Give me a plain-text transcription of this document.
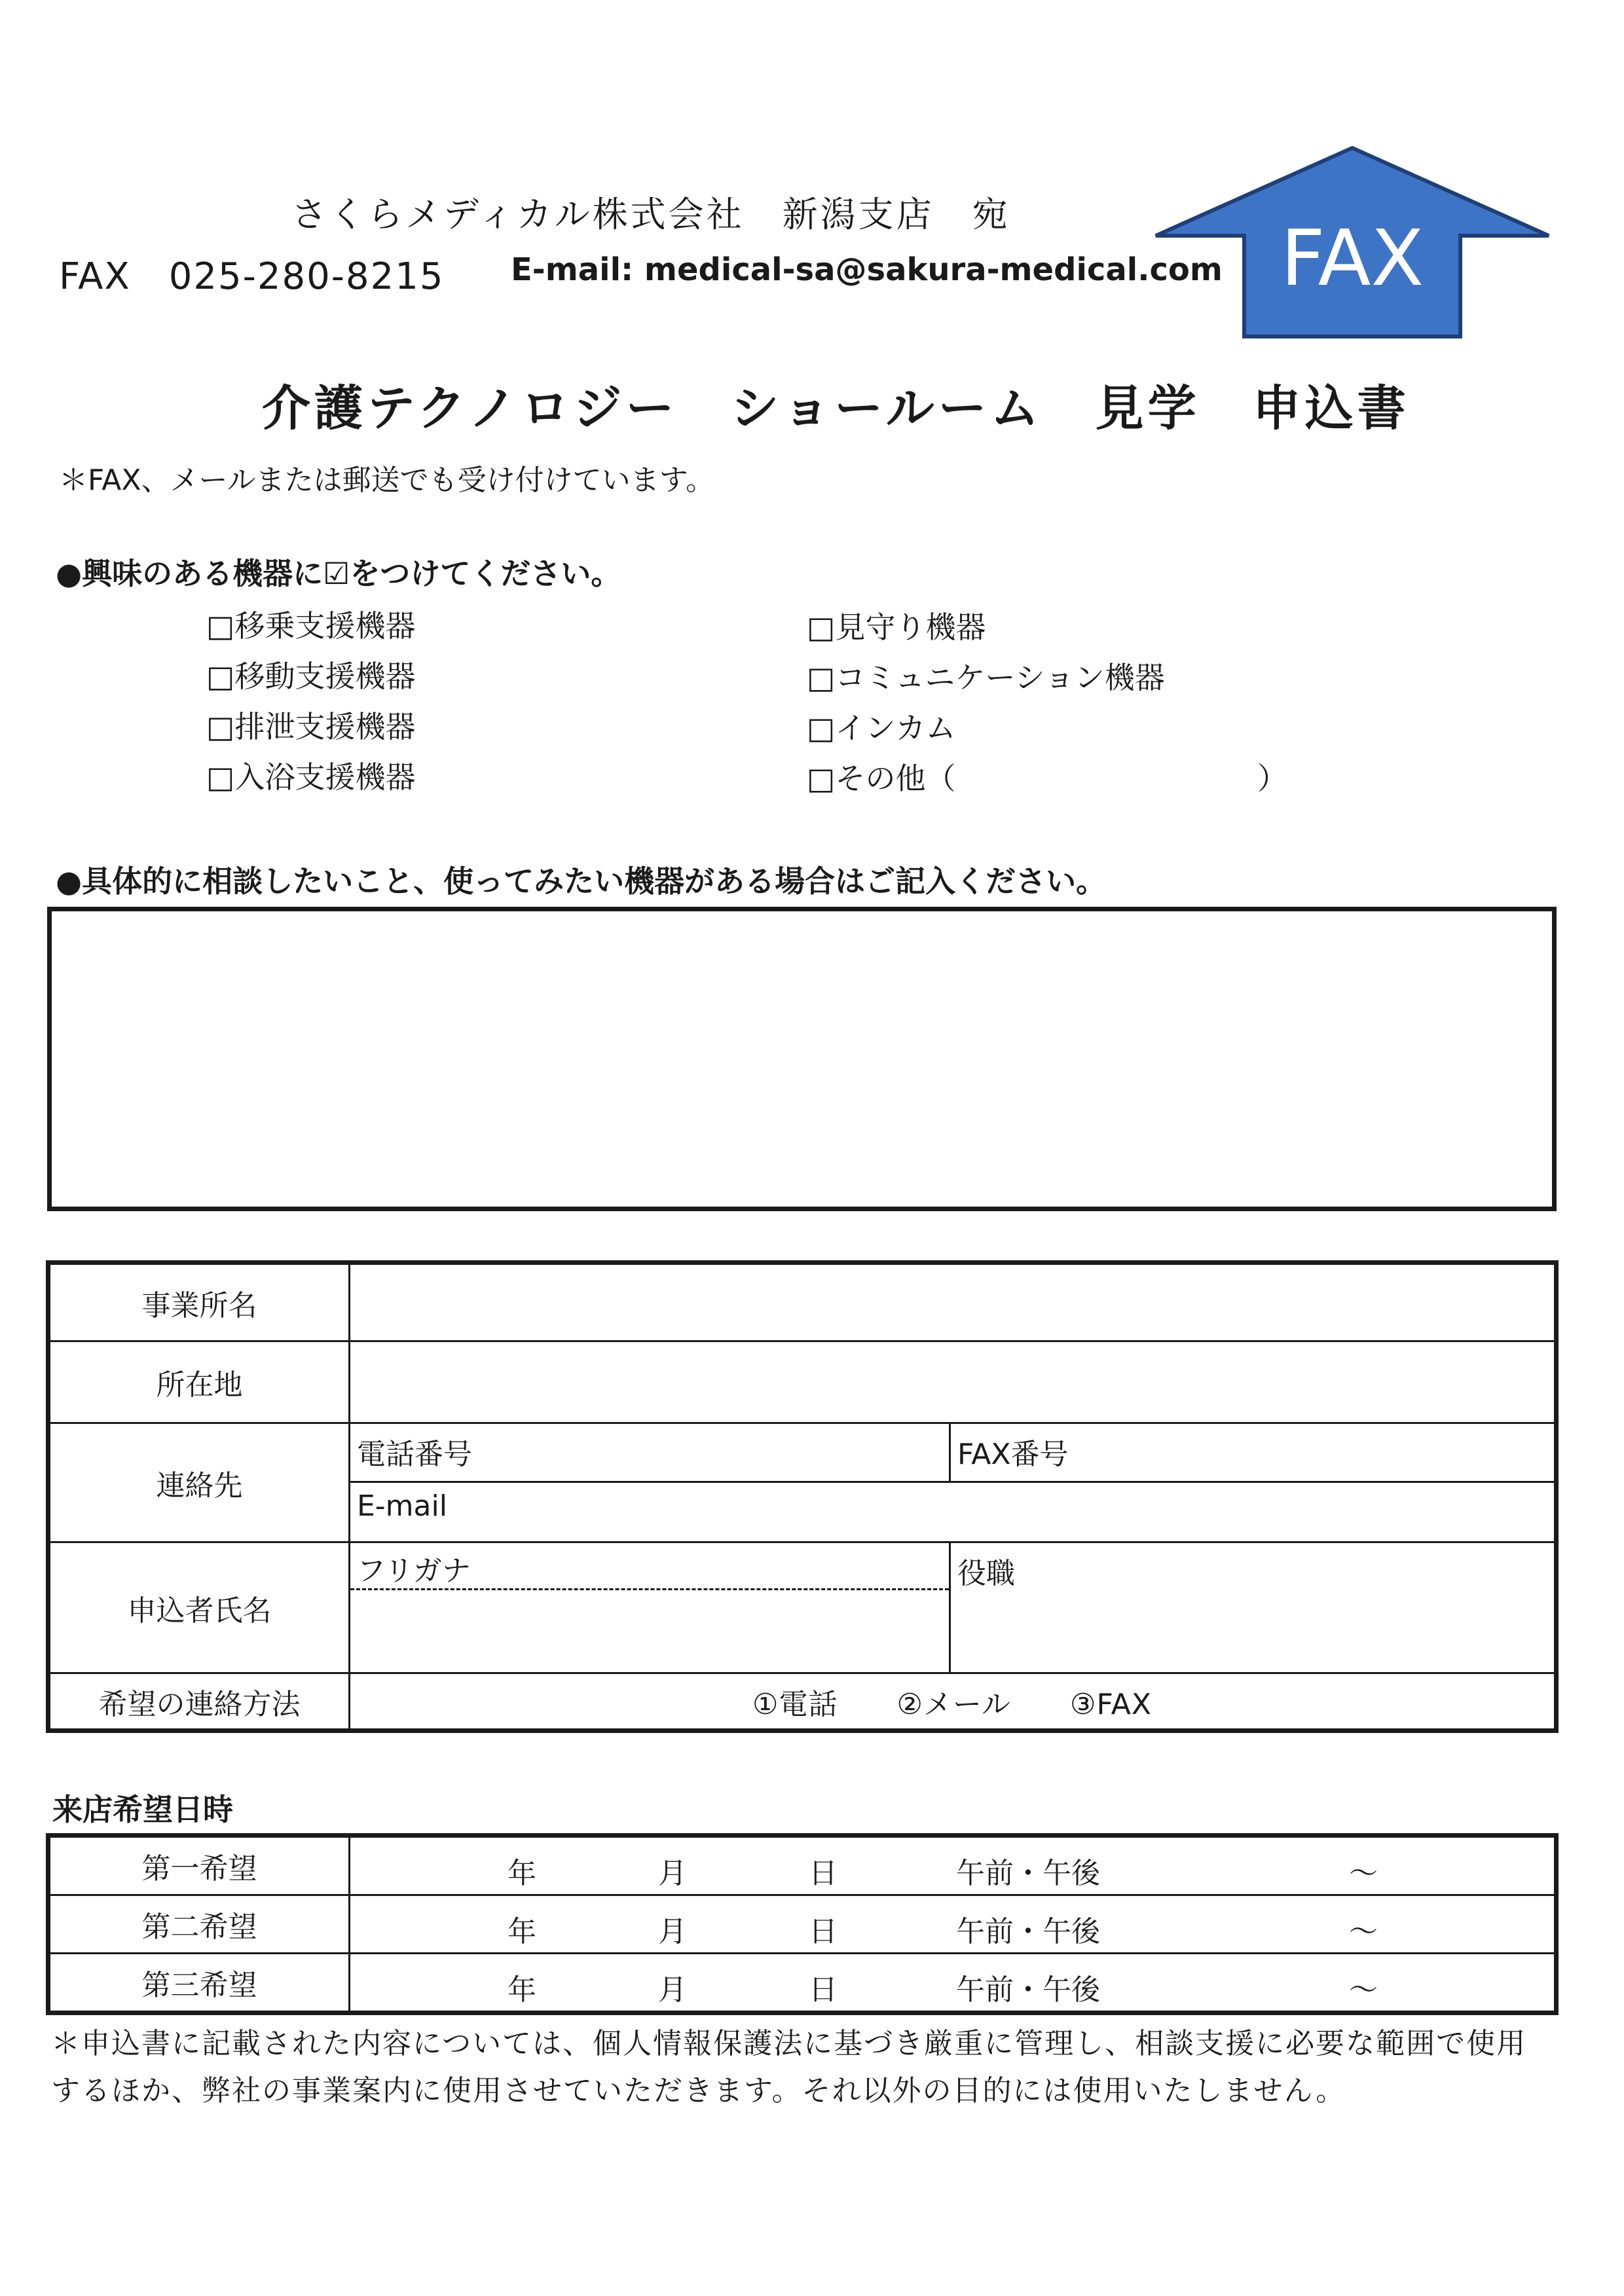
さくらメディカル株式会社　新潟支店　宛
FAX　025-280-8215 E-mail: medical-sa@sakura-medical.com FAX
介護テクノロジー　ショールーム　見学　申込書
＊FAX、メールまたは郵送でも受け付けています。
●興味のある機器に☑をつけてください。
□移乗支援機器
□移動支援機器
□排泄支援機器
□入浴支援機器
□見守り機器
□コミュニケーション機器
□インカム
□その他（	）
●具体的に相談したいこと、使ってみたい機器がある場合はご記入ください。
事業所名		
所在地		
連絡先	電話番号	FAX番号
	E-mail	
申込者氏名	フリガナ	役職
希望の連絡方法	①電話　　②メール　　③FAX	
来店希望日時
第一希望	年 月 日 午前・午後 ～

第二希望	年 月 日 午前・午後 ～

第三希望	年 月 日 午前・午後 ～
＊申込書に記載された内容については、個人情報保護法に基づき厳重に管理し、相談支援に必要な範囲で使用
するほか、弊社の事業案内に使用させていただきます。それ以外の目的には使用いたしません。
